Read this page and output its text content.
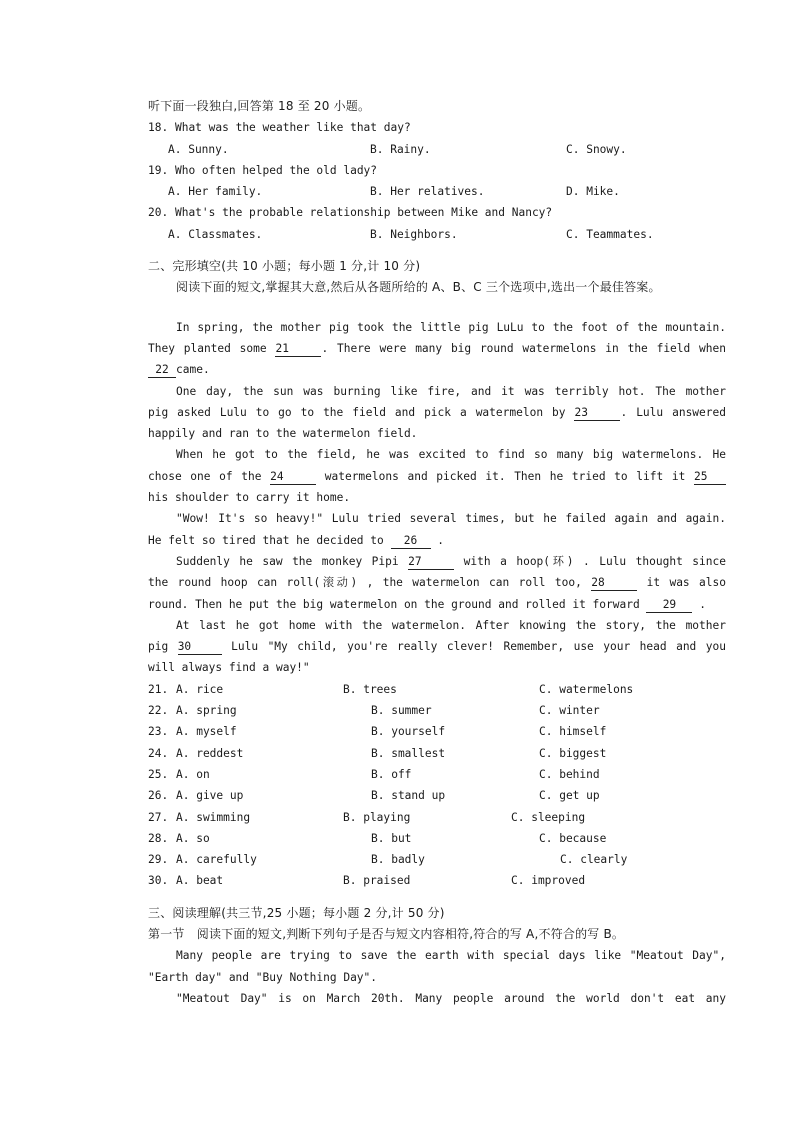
听下面一段独白,回答第 18 至 20 小题。
18. What was the weather like that day?
A. Sunny.	B. Rainy.	C. Snowy.
19. Who often helped the old lady?
A. Her family.	B. Her relatives.	D. Mike.
20. What's the probable relationship between Mike and Nancy?
A. Classmates.	B. Neighbors.	C. Teammates.
二、完形填空(共 10 小题；每小题 1 分,计 10 分)
阅读下面的短文,掌握其大意,然后从各题所给的 A、B、C 三个选项中,选出一个最佳答案。
In spring, the mother pig took the little pig LuLu to the foot of the mountain.
They planted some 21	. There were many big round watermelons in the field when
22 came.
One day, the sun was burning like fire, and it was terribly hot. The mother
pig asked Lulu to go to the field and pick a watermelon by 23	. Lulu answered
happily and ran to the watermelon field.
When he got to the field, he was excited to find so many big watermelons. He
chose one of the 24	watermelons and picked it. Then he tried to lift it 25
his shoulder to carry it home.
"Wow! It's so heavy!" Lulu tried several times, but he failed again and again.
He felt so tired that he decided to 26 .
Suddenly he saw the monkey Pipi 27	with a hoop(环) . Lulu thought since
the round hoop can roll(滚动) , the watermelon can roll too, 28	it was also
round. Then he put the big watermelon on the ground and rolled it forward 29 .
At last he got home with the watermelon. After knowing the story, the mother
pig 30	Lulu "My child, you're really clever! Remember, use your head and you
will always find a way!"
21. A. rice	B. trees	C. watermelons
22. A. spring	B. summer	C. winter
23. A. myself	B. yourself	C. himself
24. A. reddest	B. smallest	C. biggest
25. A. on	B. off	C. behind
26. A. give up	B. stand up	C. get up
27. A. swimming	B. playing	C. sleeping
28. A. so	B. but	C. because
29. A. carefully	B. badly	C. clearly
30. A. beat	B. praised	C. improved
三、阅读理解(共三节,25 小题；每小题 2 分,计 50 分)
第一节　阅读下面的短文,判断下列句子是否与短文内容相符,符合的写 A,不符合的写 B。
Many people are trying to save the earth with special days like "Meatout Day",
"Earth day" and "Buy Nothing Day".
"Meatout Day" is on March 20th. Many people around the world don't eat any
